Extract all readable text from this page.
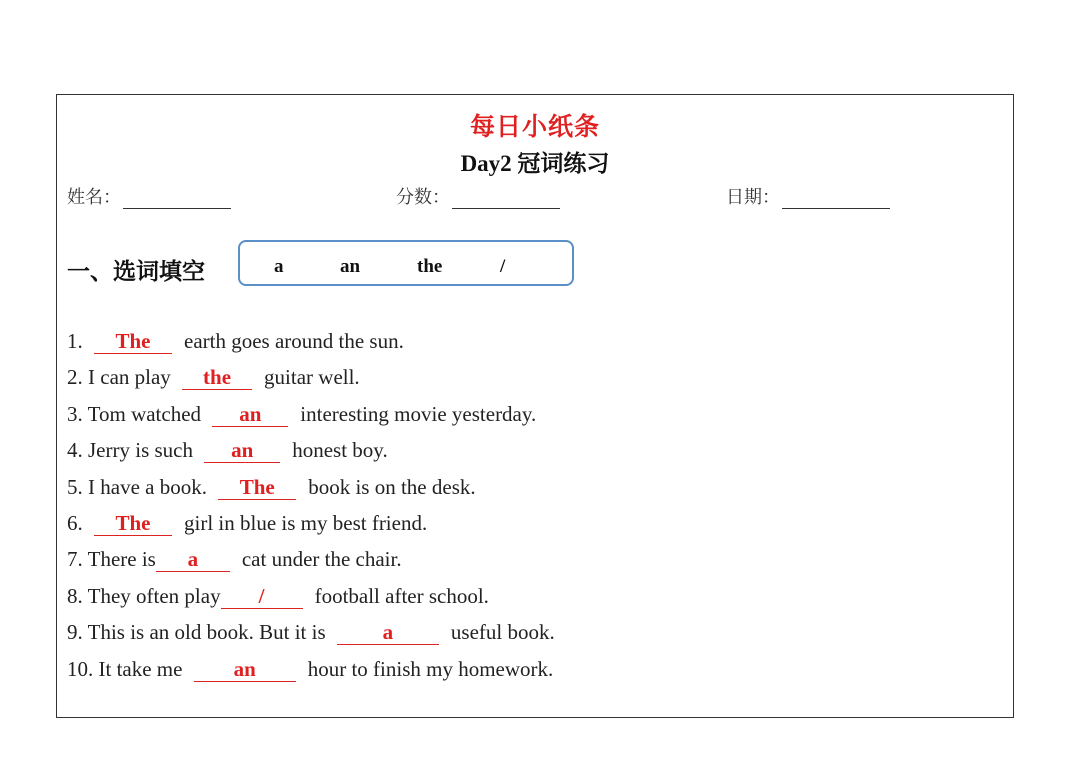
每日小纸条
Day2 冠词练习
姓名：	分数：	日期：
一、选词填空	a	an	the	/
1. The earth goes around the sun.
2. I can play the guitar well.
3. Tom watched an interesting movie yesterday.
4. Jerry is such an honest boy.
5. I have a book. The book is on the desk.
6. The girl in blue is my best friend.
7. There is a cat under the chair.
8. They often play / football after school.
9. This is an old book. But it is a	useful book.
10. It take me an hour to finish my homework.
